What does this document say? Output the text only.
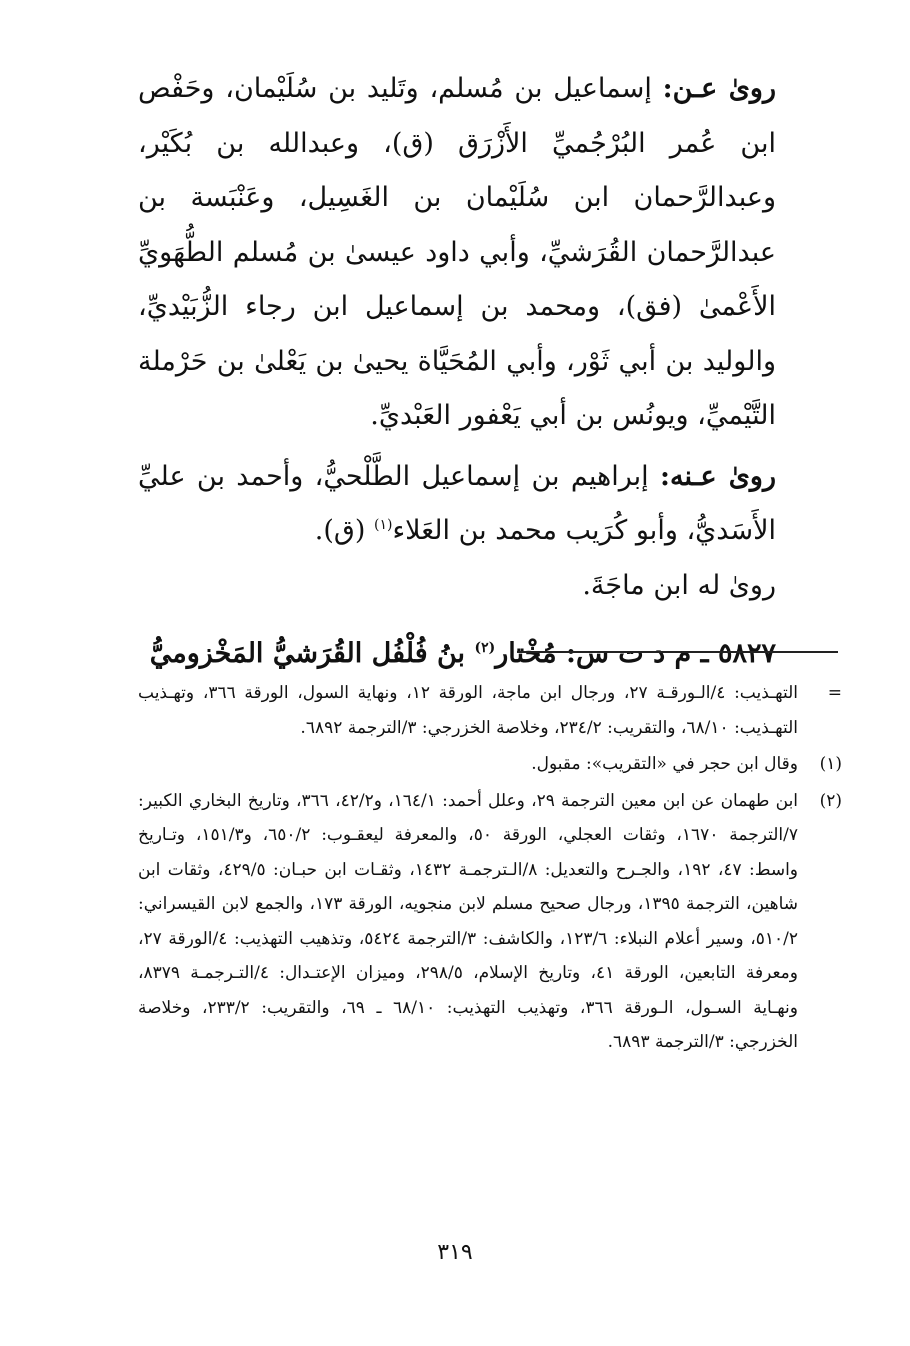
روىٰ عـن: إسماعيل بن مُسلم، وتَليد بن سُلَيْمان، وحَفْص ابن عُمر البُرْجُميِّ الأَزْرَق (ق)، وعبدالله بن بُكَيْر، وعبدالرَّحمان ابن سُلَيْمان بن الغَسِيل، وعَنْبَسة بن عبدالرَّحمان القُرَشيِّ، وأبي داود عيسىٰ بن مُسلم الطُّهَويِّ الأَعْمىٰ (فق)، ومحمد بن إسماعيل ابن رجاء الزُّبَيْديِّ، والوليد بن أبي ثَوْر، وأبي المُحَيَّاة يحيىٰ بن يَعْلىٰ بن حَرْملة التَّيْميِّ، ويونُس بن أبي يَعْفور العَبْديِّ.

روىٰ عـنه: إبراهيم بن إسماعيل الطَّلْحيُّ، وأحمد بن عليِّ الأَسَديُّ، وأبو كُرَيب محمد بن العَلاء$^{(١)}$ (ق).

روىٰ له ابن ماجَةَ.

٥٨٢٧ ـ م د ت س: مُخْتار$^{(٢)}$ بنُ فُلْفُل القُرَشيُّ المَخْزوميُّ

=
التهـذيب: ٤/الـورقـة ٢٧، ورجال ابن ماجة، الورقة ١٢، ونهاية السول، الورقة ٣٦٦، وتهـذيب التهـذيب: ٦٨/١٠، والتقريب: ٢٣٤/٢، وخلاصة الخزرجي: ٣/الترجمة ٦٨٩٢.
(١)
وقال ابن حجر في «التقريب»: مقبول.
(٢)
ابن طهمان عن ابن معين الترجمة ٢٩، وعلل أحمد: ١٦٤/١، و٤٢/٢، ٣٦٦، وتاريخ البخاري الكبير: ٧/الترجمة ١٦٧٠، وثقات العجلي، الورقة ٥٠، والمعرفة ليعقـوب: ٦٥٠/٢، و١٥١/٣، وتـاريخ واسط: ٤٧، ١٩٢، والجـرح والتعديل: ٨/الـترجمـة ١٤٣٢، وثقـات ابن حبـان: ٤٢٩/٥، وثقات ابن شاهين، الترجمة ١٣٩٥، ورجال صحيح مسلم لابن منجويه، الورقة ١٧٣، والجمع لابن القيسراني: ٥١٠/٢، وسير أعلام النبلاء: ١٢٣/٦، والكاشف: ٣/الترجمة ٥٤٢٤، وتذهيب التهذيب: ٤/الورقة ٢٧، ومعرفة التابعين، الورقة ٤١، وتاريخ الإسلام، ٢٩٨/٥، وميزان الإعتـدال: ٤/التـرجمـة ٨٣٧٩، ونهـاية السـول، الـورقة ٣٦٦، وتهذيب التهذيب: ٦٨/١٠ ـ ٦٩، والتقريب: ٢٣٣/٢، وخلاصة الخزرجي: ٣/الترجمة ٦٨٩٣.
٣١٩
